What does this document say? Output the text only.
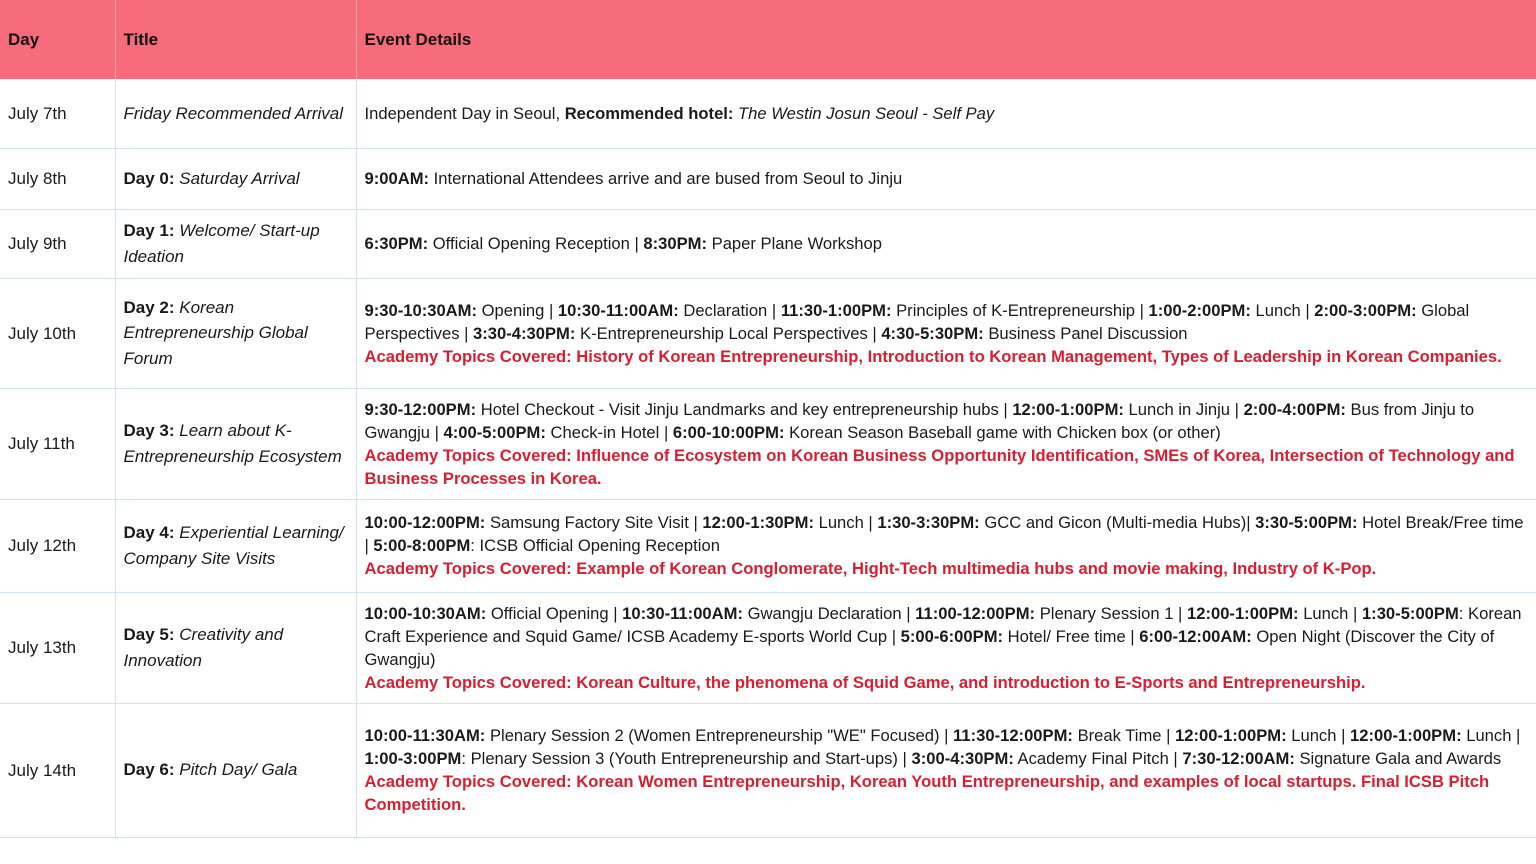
Day	Title	Event Details
July 7th	Friday Recommended Arrival	Independent Day in Seoul, Recommended hotel: The Westin Josun Seoul - Self Pay
July 8th	Day 0: Saturday Arrival	9:00AM: International Attendees arrive and are bused from Seoul to Jinju
July 9th	Day 1: Welcome/ Start-up Ideation	6:30PM: Official Opening Reception | 8:30PM: Paper Plane Workshop
July 10th	Day 2: Korean Entrepreneurship Global Forum	9:30-10:30AM: Opening | 10:30-11:00AM: Declaration | 11:30-1:00PM: Principles of K-Entrepreneurship | 1:00-2:00PM: Lunch | 2:00-3:00PM: Global Perspectives | 3:30-4:30PM: K-Entrepreneurship Local Perspectives | 4:30-5:30PM: Business Panel Discussion
Academy Topics Covered: History of Korean Entrepreneurship, Introduction to Korean Management, Types of Leadership in Korean Companies.

July 11th	Day 3: Learn about K-Entrepreneurship Ecosystem	9:30-12:00PM: Hotel Checkout - Visit Jinju Landmarks and key entrepreneurship hubs | 12:00-1:00PM: Lunch in Jinju | 2:00-4:00PM: Bus from Jinju to Gwangju | 4:00-5:00PM: Check-in Hotel | 6:00-10:00PM: Korean Season Baseball game with Chicken box (or other)
Academy Topics Covered: Influence of Ecosystem on Korean Business Opportunity Identification, SMEs of Korea, Intersection of Technology and Business Processes in Korea.

July 12th	Day 4: Experiential Learning/ Company Site Visits	10:00-12:00PM: Samsung Factory Site Visit | 12:00-1:30PM: Lunch | 1:30-3:30PM: GCC and Gicon (Multi-media Hubs)| 3:30-5:00PM: Hotel Break/Free time | 5:00-8:00PM: ICSB Official Opening Reception
Academy Topics Covered: Example of Korean Conglomerate, Hight-Tech multimedia hubs and movie making, Industry of K-Pop.

July 13th	Day 5: Creativity and Innovation	10:00-10:30AM: Official Opening | 10:30-11:00AM: Gwangju Declaration | 11:00-12:00PM: Plenary Session 1 | 12:00-1:00PM: Lunch | 1:30-5:00PM: Korean Craft Experience and Squid Game/ ICSB Academy E-sports World Cup | 5:00-6:00PM: Hotel/ Free time | 6:00-12:00AM: Open Night (Discover the City of Gwangju)
Academy Topics Covered: Korean Culture, the phenomena of Squid Game, and introduction to E-Sports and Entrepreneurship.

July 14th	Day 6: Pitch Day/ Gala	10:00-11:30AM: Plenary Session 2 (Women Entrepreneurship "WE" Focused) | 11:30-12:00PM: Break Time | 12:00-1:00PM: Lunch | 12:00-1:00PM: Lunch | 1:00-3:00PM: Plenary Session 3 (Youth Entrepreneurship and Start-ups) | 3:00-4:30PM: Academy Final Pitch | 7:30-12:00AM: Signature Gala and Awards
Academy Topics Covered: Korean Women Entrepreneurship, Korean Youth Entrepreneurship, and examples of local startups. Final ICSB Pitch Competition.
